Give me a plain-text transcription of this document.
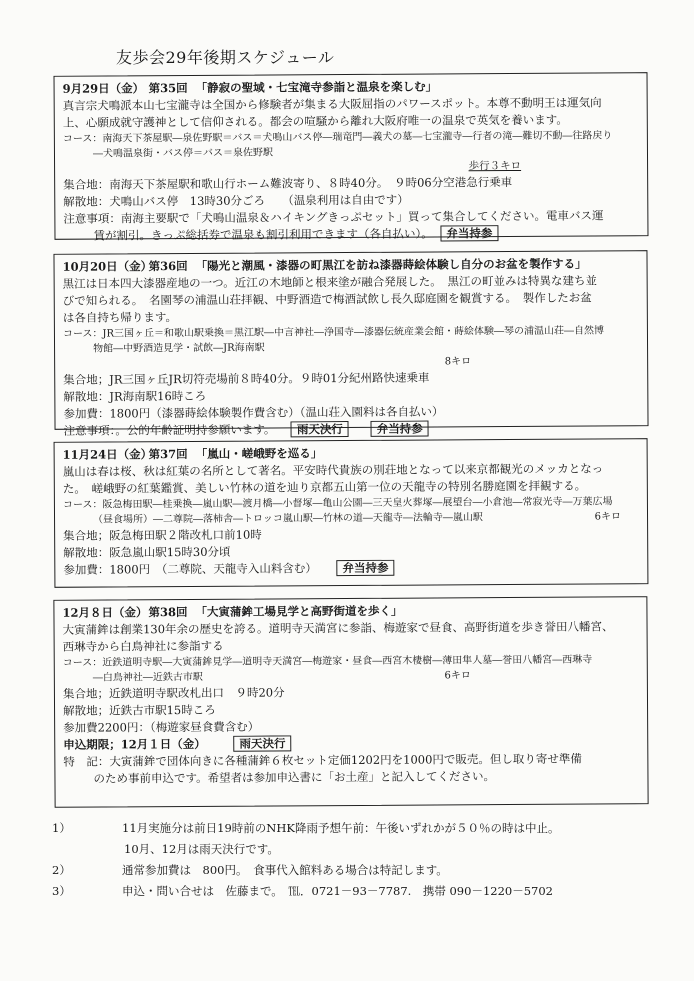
友歩会29年後期スケジュール
9月29日（金） 第35回 「静寂の聖域・七宝滝寺参詣と温泉を楽しむ」
真言宗犬鳴派本山七宝瀧寺は全国から修験者が集まる大阪屈指のパワースポット。本尊不動明王は運気向
上、心願成就守護神として信仰される。都会の喧騒から離れ大阪府唯一の温泉で英気を養います。
コース：南海天下茶屋駅―泉佐野駅＝バス＝犬鳴山バス停―瑞竜門―義犬の墓―七宝瀧寺―行者の滝―難切不動―往路戻り
―犬鳴温泉街・バス停＝バス＝泉佐野駅
歩行３キロ
集合地：南海天下茶屋駅和歌山行ホーム難波寄り、８時40分。　９時06分空港急行乗車
解散地：犬鳴山バス停　13時30分ごろ　　（温泉利用は自由です）
注意事項：南海主要駅で「犬鳴山温泉＆ハイキングきっぷセット」買って集合してください。電車バス運
賃が割引。きっぷ総括券で温泉も割引利用できます（各自払い）。 弁当持参
10月20日（金） 第36回 「陽光と潮風・漆器の町黒江を訪ね漆器蒔絵体験し自分のお盆を製作する」
黒江は日本四大漆器産地の一つ。近江の木地師と根来塗が融合発展した。　黒江の町並みは特異な建ち並
びで知られる。　名園琴の浦温山荘拝観、中野酒造で梅酒試飲し長久邸庭園を観賞する。　製作したお盆
は各自持ち帰ります。
コース：JR三国ヶ丘＝和歌山駅乗換＝黒江駅―中言神社―浄国寺―漆器伝統産業会館・蒔絵体験―琴の浦温山荘―自然博
物館―中野酒造見学・試飲―JR海南駅
8キロ

集合地；JR三国ヶ丘JR切符売場前８時40分。９時01分紀州路快速乗車
解散地：JR海南駅16時ころ
参加費：1800円（漆器蒔絵体験製作費含む）（温山荘入園料は各自払い）
注意事項：。公的年齢証明持参願います。 雨天決行	弁当持参
11月24日（金） 第37回 「嵐山・嵯峨野を巡る」
嵐山は春は桜、秋は紅葉の名所として著名。平安時代貴族の別荘地となって以来京都観光のメッカとなっ
た。　嵯峨野の紅葉鑑賞、美しい竹林の道を辿り京都五山第一位の天龍寺の特別名勝庭園を拝観する。
コース：阪急梅田駅―桂乗換―嵐山駅―渡月橋―小督塚―亀山公園―三天皇火葬塚―展望台―小倉池―常寂光寺―万葉広場
（昼食場所）―二尊院―落柿舎―トロッコ嵐山駅―竹林の道―天龍寺―法輪寺―嵐山駅	6キロ
集合地；阪急梅田駅２階改札口前10時
解散地：阪急嵐山駅15時30分頃
参加費：1800円　（二尊院、天龍寺入山料含む） 弁当持参
12月８日（金） 第38回 「大寅蒲鉾工場見学と高野街道を歩く」
大寅蒲鉾は創業130年余の歴史を誇る。道明寺天満宮に参詣、梅遊家で昼食、高野街道を歩き誉田八幡宮、
西琳寺から白鳥神社に参詣する
コース：近鉄道明寺駅―大寅蒲鉾見学―道明寺天満宮―梅遊家・昼食―西宮木棲樹―薄田隼人墓―誉田八幡宮―西琳寺
―白鳥神社―近鉄古市駅	6キロ
集合地；近鉄道明寺駅改札出口　９時20分
解散地；近鉄古市駅15時ころ
参加費2200円：（梅遊家昼食費含む）
申込期限；12月１日（金）	雨天決行
特　記：大寅蒲鉾で団体向きに各種蒲鉾６枚セット定価1202円を1000円で販売。但し取り寄せ準備
のため事前申込です。希望者は参加申込書に「お土産」と記入してください。
1）	11月実施分は前日19時前のNHK降雨予想午前：午後いずれかが５０％の時は中止。
10月、12月は雨天決行です。
2）	通常参加費は　800円。　食事代入館料ある場合は特記します。
3）	申込・問い合せは　佐藤まで。　℡．0721－93－7787.　携帯 090－1220－5702
